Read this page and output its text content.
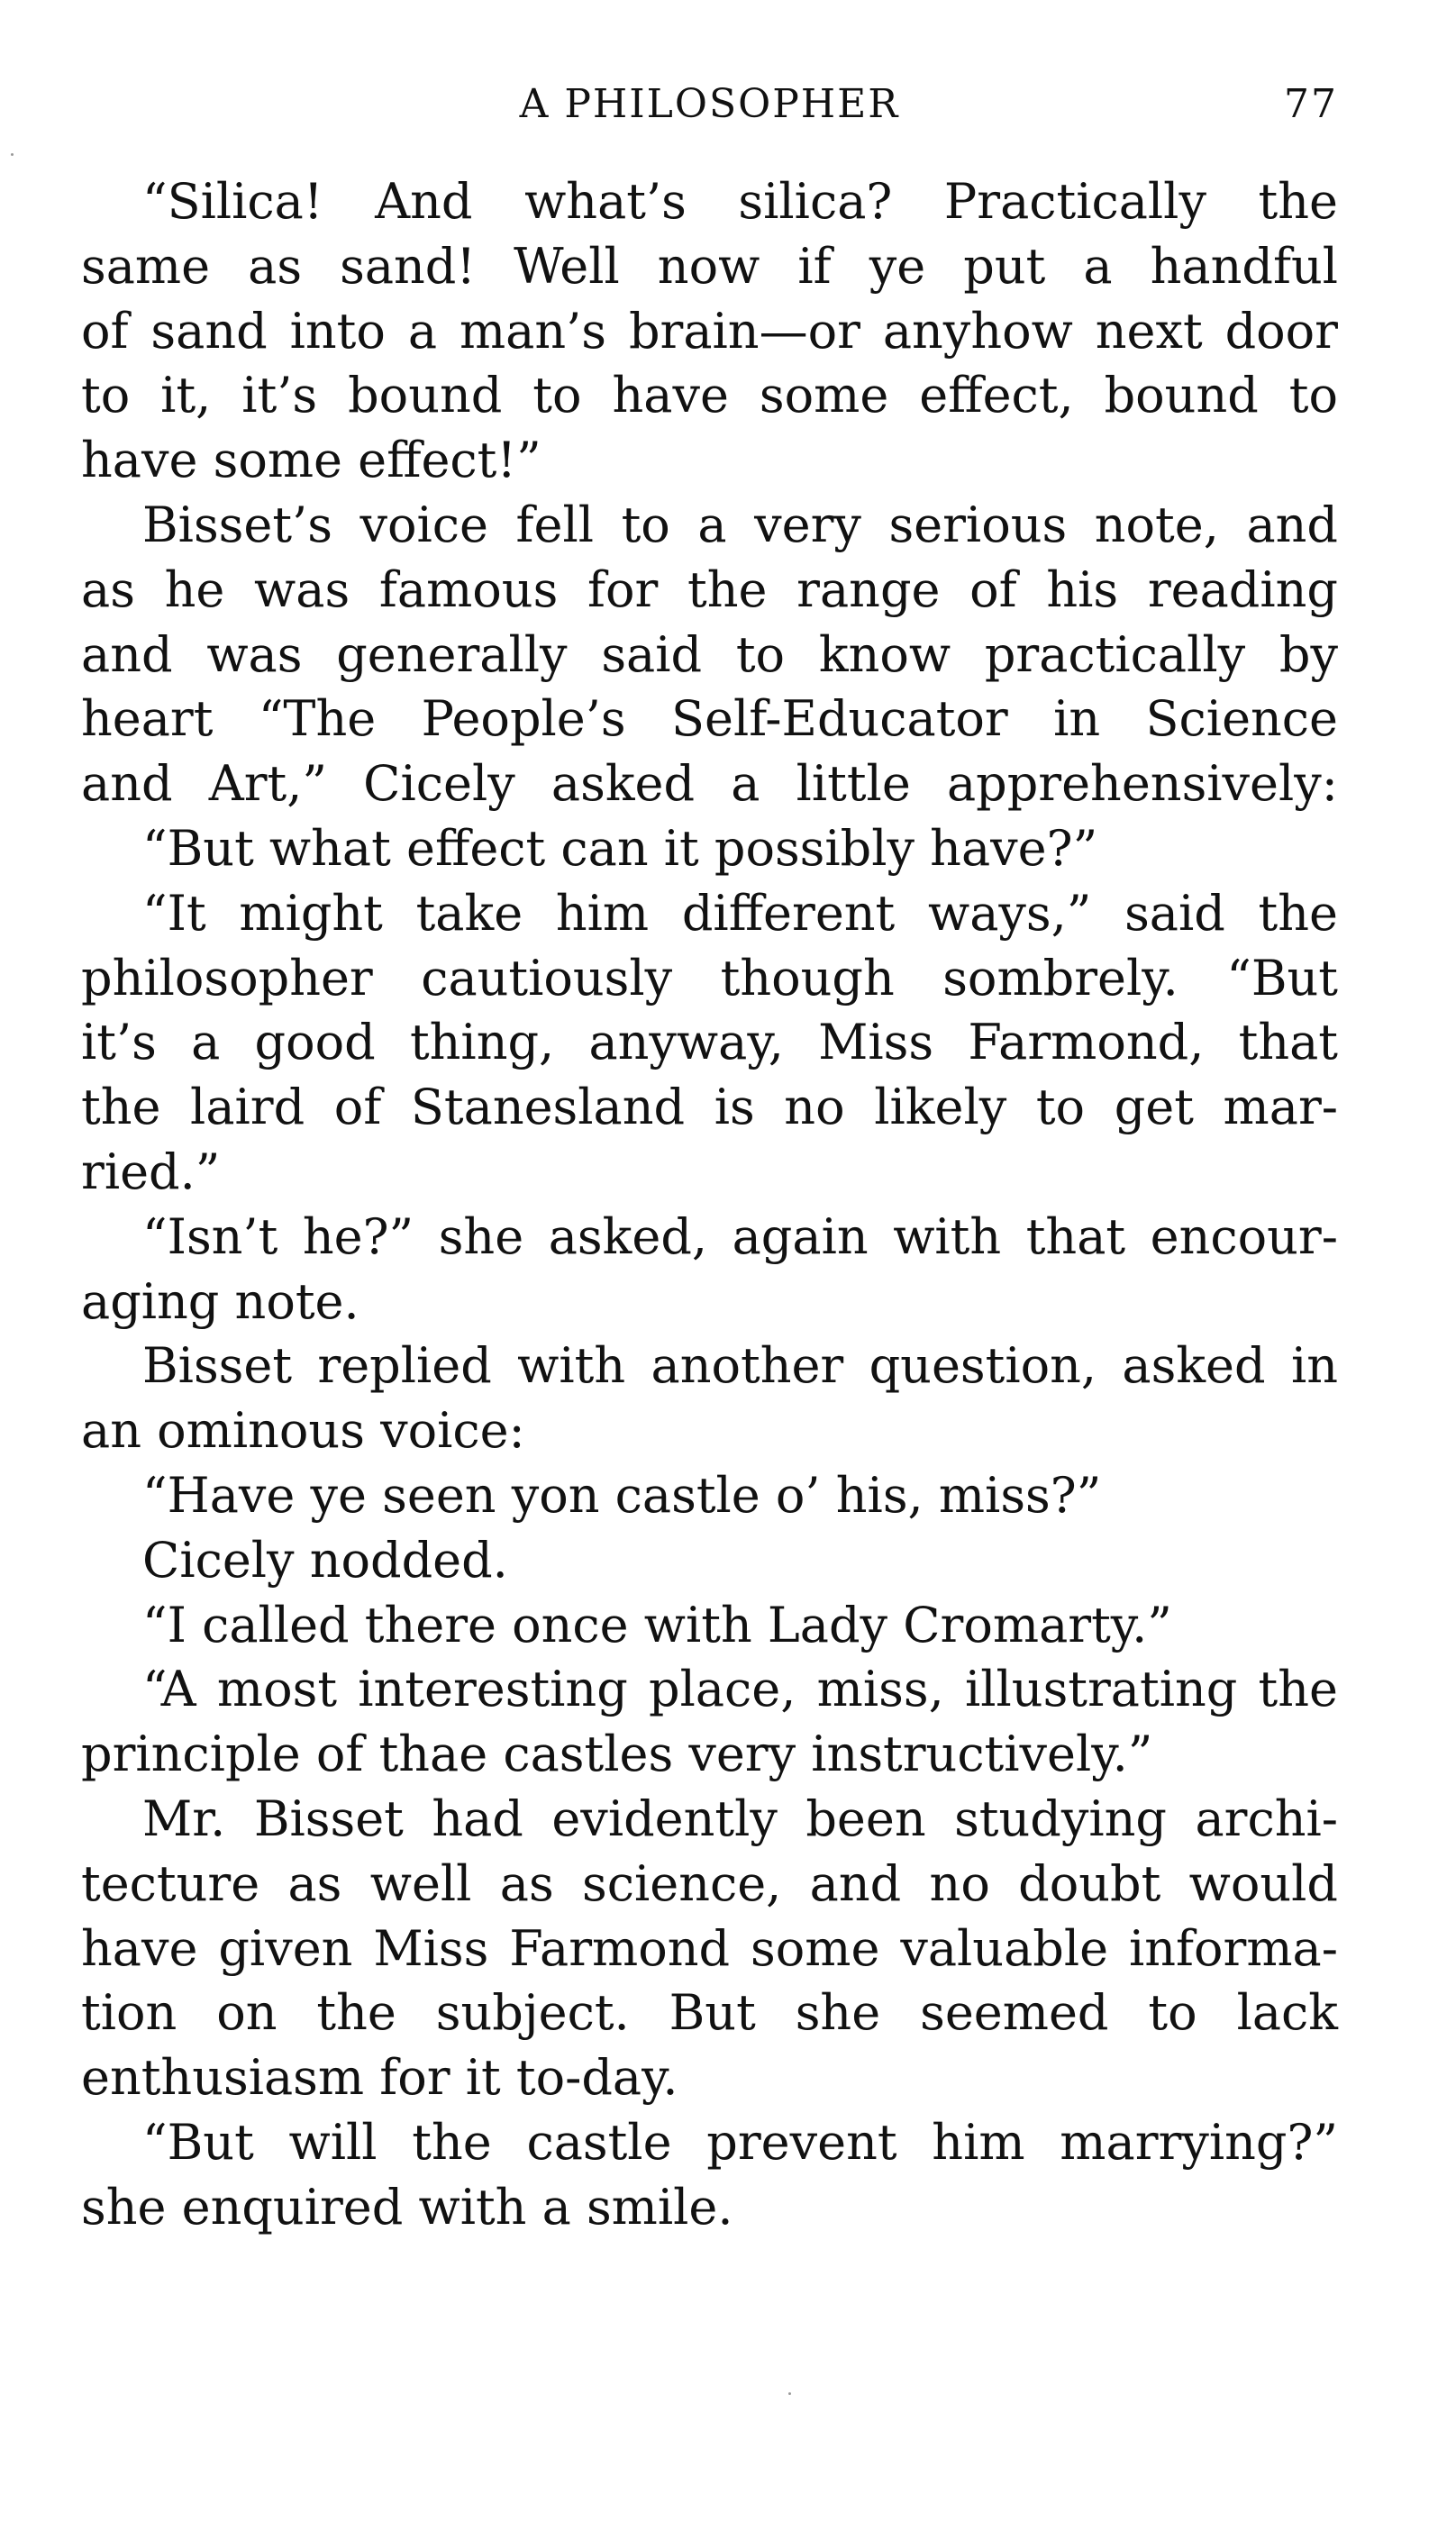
A PHILOSOPHER	77
“Silica! And what’s silica? Practically the
same as sand! Well now if ye put a handful
of sand into a man’s brain—or anyhow next door
to it, it’s bound to have some effect, bound to
have some effect!”
Bisset’s voice fell to a very serious note, and
as he was famous for the range of his reading
and was generally said to know practically by
heart “The People’s Self-Educator in Science
and Art,” Cicely asked a little apprehensively:
“But what effect can it possibly have?”
“It might take him different ways,” said the
philosopher cautiously though sombrely. “But
it’s a good thing, anyway, Miss Farmond, that
the laird of Stanesland is no likely to get mar-
ried.”
“Isn’t he?” she asked, again with that encour-
aging note.
Bisset replied with another question, asked in
an ominous voice:
“Have ye seen yon castle o’ his, miss?”
Cicely nodded.
“I called there once with Lady Cromarty.”
“A most interesting place, miss, illustrating the
principle of thae castles very instructively.”
Mr. Bisset had evidently been studying archi-
tecture as well as science, and no doubt would
have given Miss Farmond some valuable informa-
tion on the subject. But she seemed to lack
enthusiasm for it to-day.
“But will the castle prevent him marrying?”
she enquired with a smile.
